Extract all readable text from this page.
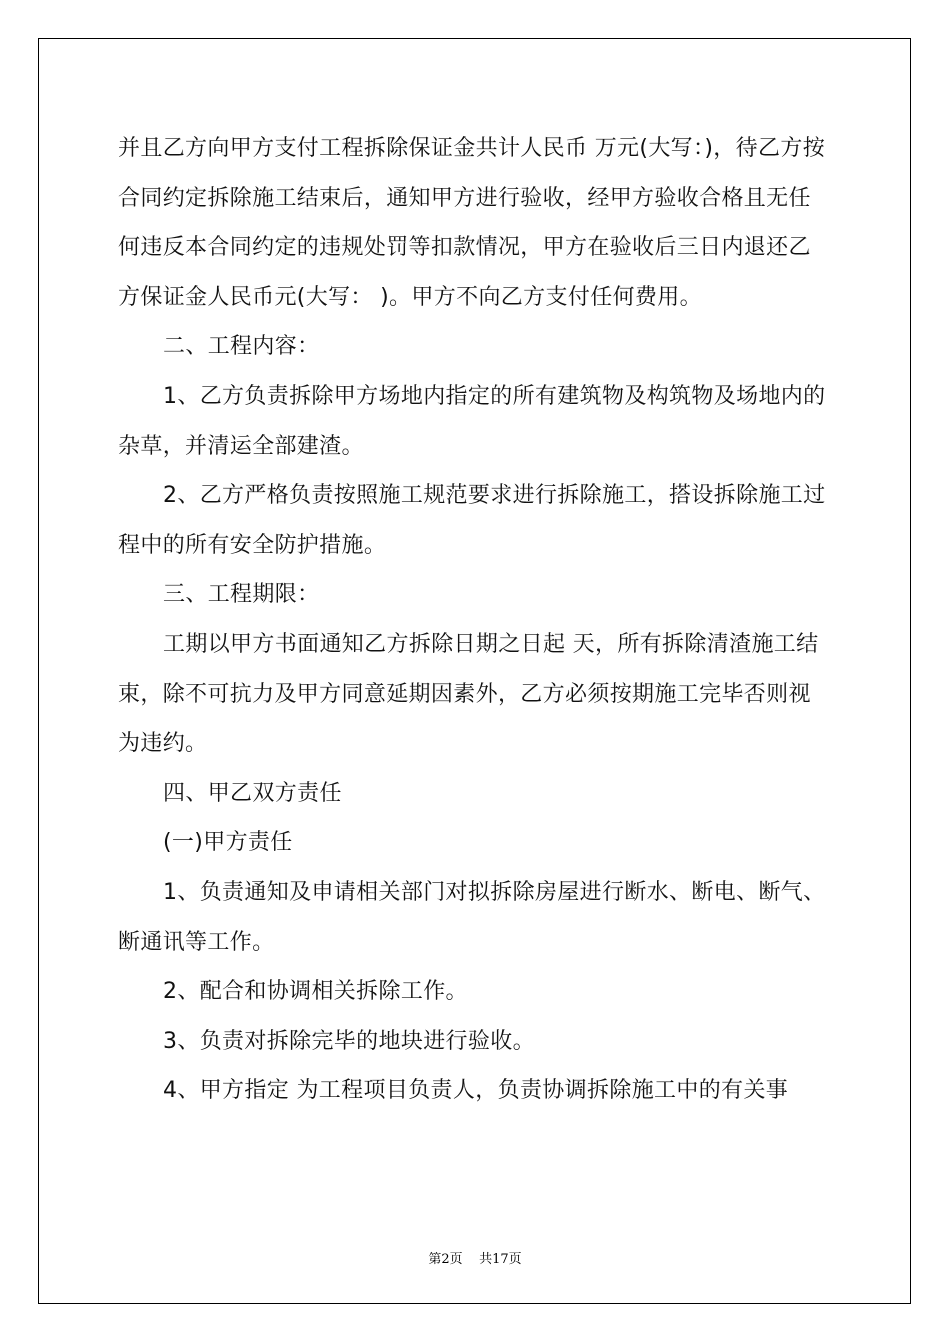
并且乙方向甲方支付工程拆除保证金共计人民币 万元(大写：)，待乙方按合同约定拆除施工结束后，通知甲方进行验收，经甲方验收合格且无任何违反本合同约定的违规处罚等扣款情况，甲方在验收后三日内退还乙方保证金人民币元(大写： )。甲方不向乙方支付任何费用。

二、工程内容：

1、乙方负责拆除甲方场地内指定的所有建筑物及构筑物及场地内的杂草，并清运全部建渣。

2、乙方严格负责按照施工规范要求进行拆除施工，搭设拆除施工过程中的所有安全防护措施。

三、工程期限：

工期以甲方书面通知乙方拆除日期之日起 天，所有拆除清渣施工结束，除不可抗力及甲方同意延期因素外，乙方必须按期施工完毕否则视为违约。

四、甲乙双方责任

(一)甲方责任

1、负责通知及申请相关部门对拟拆除房屋进行断水、断电、断气、断通讯等工作。

2、配合和协调相关拆除工作。

3、负责对拆除完毕的地块进行验收。

4、甲方指定 为工程项目负责人，负责协调拆除施工中的有关事

第2页    共17页
